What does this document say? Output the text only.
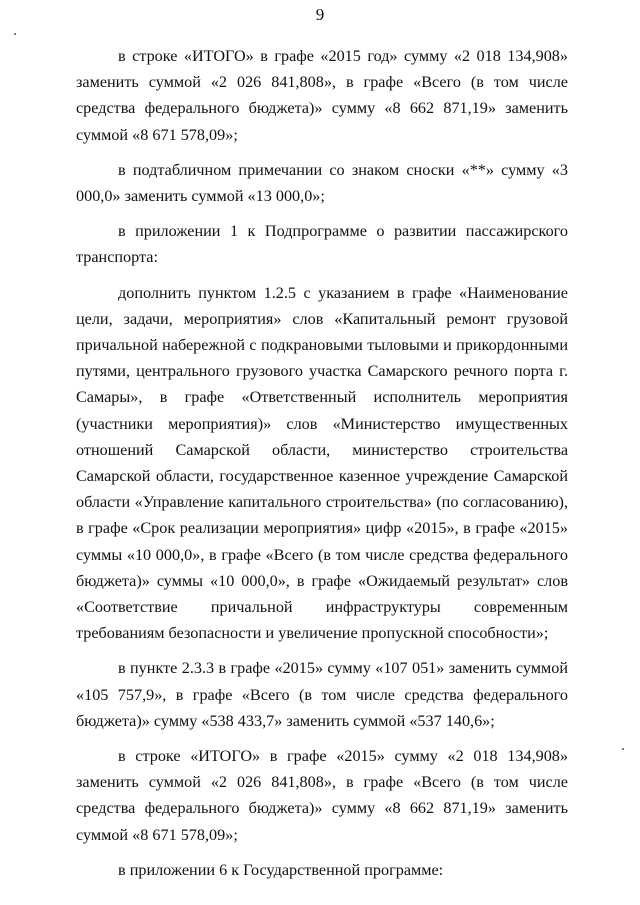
9

в строке «ИТОГО» в графе «2015 год» сумму «2 018 134,908» заменить суммой «2 026 841,808», в графе «Всего (в том числе средства федерального бюджета)» сумму «8 662 871,19» заменить суммой «8 671 578,09»;

в подтабличном примечании со знаком сноски «**» сумму «3 000,0» заменить суммой «13 000,0»;

в приложении 1 к Подпрограмме о развитии пассажирского транспорта:

дополнить пунктом 1.2.5 с указанием в графе «Наименование цели, задачи, мероприятия» слов «Капитальный ремонт грузовой причальной набережной с подкрановыми тыловыми и прикордонными путями, центрального грузового участка Самарского речного порта г. Самары», в графе «Ответственный исполнитель мероприятия (участники мероприятия)» слов «Министерство имущественных отношений Самарской области, министерство строительства Самарской области, государственное казенное учреждение Самарской области «Управление капитального строительства» (по согласованию), в графе «Срок реализации мероприятия» цифр «2015», в графе «2015» суммы «10 000,0», в графе «Всего (в том числе средства федерального бюджета)» суммы «10 000,0», в графе «Ожидаемый результат» слов «Соответствие причальной инфраструктуры современным требованиям безопасности и увеличение пропускной способности»;

в пункте 2.3.3 в графе «2015» сумму «107 051» заменить суммой «105 757,9», в графе «Всего (в том числе средства федерального бюджета)» сумму «538 433,7» заменить суммой «537 140,6»;

в строке «ИТОГО» в графе «2015» сумму «2 018 134,908» заменить суммой «2 026 841,808», в графе «Всего (в том числе средства федерального бюджета)» сумму «8 662 871,19» заменить суммой «8 671 578,09»;

в приложении 6 к Государственной программе:
